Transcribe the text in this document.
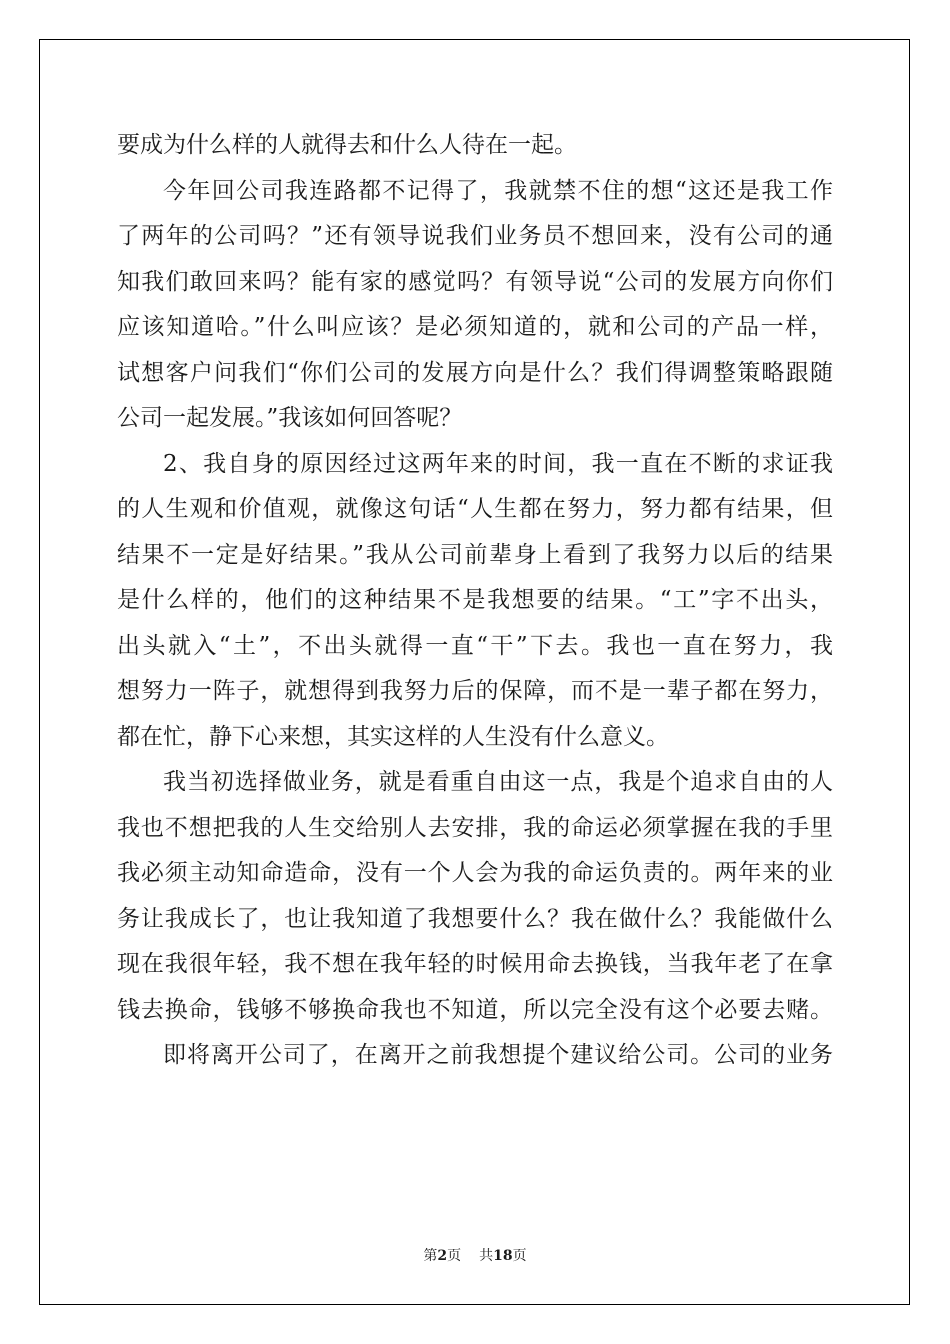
要成为什么样的人就得去和什么人待在一起。
今年回公司我连路都不记得了，我就禁不住的想“这还是我工作
了两年的公司吗？”还有领导说我们业务员不想回来，没有公司的通
知我们敢回来吗？能有家的感觉吗？有领导说“公司的发展方向你们
应该知道哈。”什么叫应该？是必须知道的，就和公司的产品一样，
试想客户问我们“你们公司的发展方向是什么？我们得调整策略跟随
公司一起发展。”我该如何回答呢？
2、我自身的原因经过这两年来的时间，我一直在不断的求证我
的人生观和价值观，就像这句话“人生都在努力，努力都有结果，但
结果不一定是好结果。”我从公司前辈身上看到了我努力以后的结果
是什么样的，他们的这种结果不是我想要的结果。“工”字不出头，
出头就入“土”，不出头就得一直“干”下去。我也一直在努力，我
想努力一阵子，就想得到我努力后的保障，而不是一辈子都在努力，
都在忙，静下心来想，其实这样的人生没有什么意义。
我当初选择做业务，就是看重自由这一点，我是个追求自由的人
我也不想把我的人生交给别人去安排，我的命运必须掌握在我的手里
我必须主动知命造命，没有一个人会为我的命运负责的。两年来的业
务让我成长了，也让我知道了我想要什么？我在做什么？我能做什么
现在我很年轻，我不想在我年轻的时候用命去换钱，当我年老了在拿
钱去换命，钱够不够换命我也不知道，所以完全没有这个必要去赌。
即将离开公司了，在离开之前我想提个建议给公司。公司的业务
第2页 共18页
